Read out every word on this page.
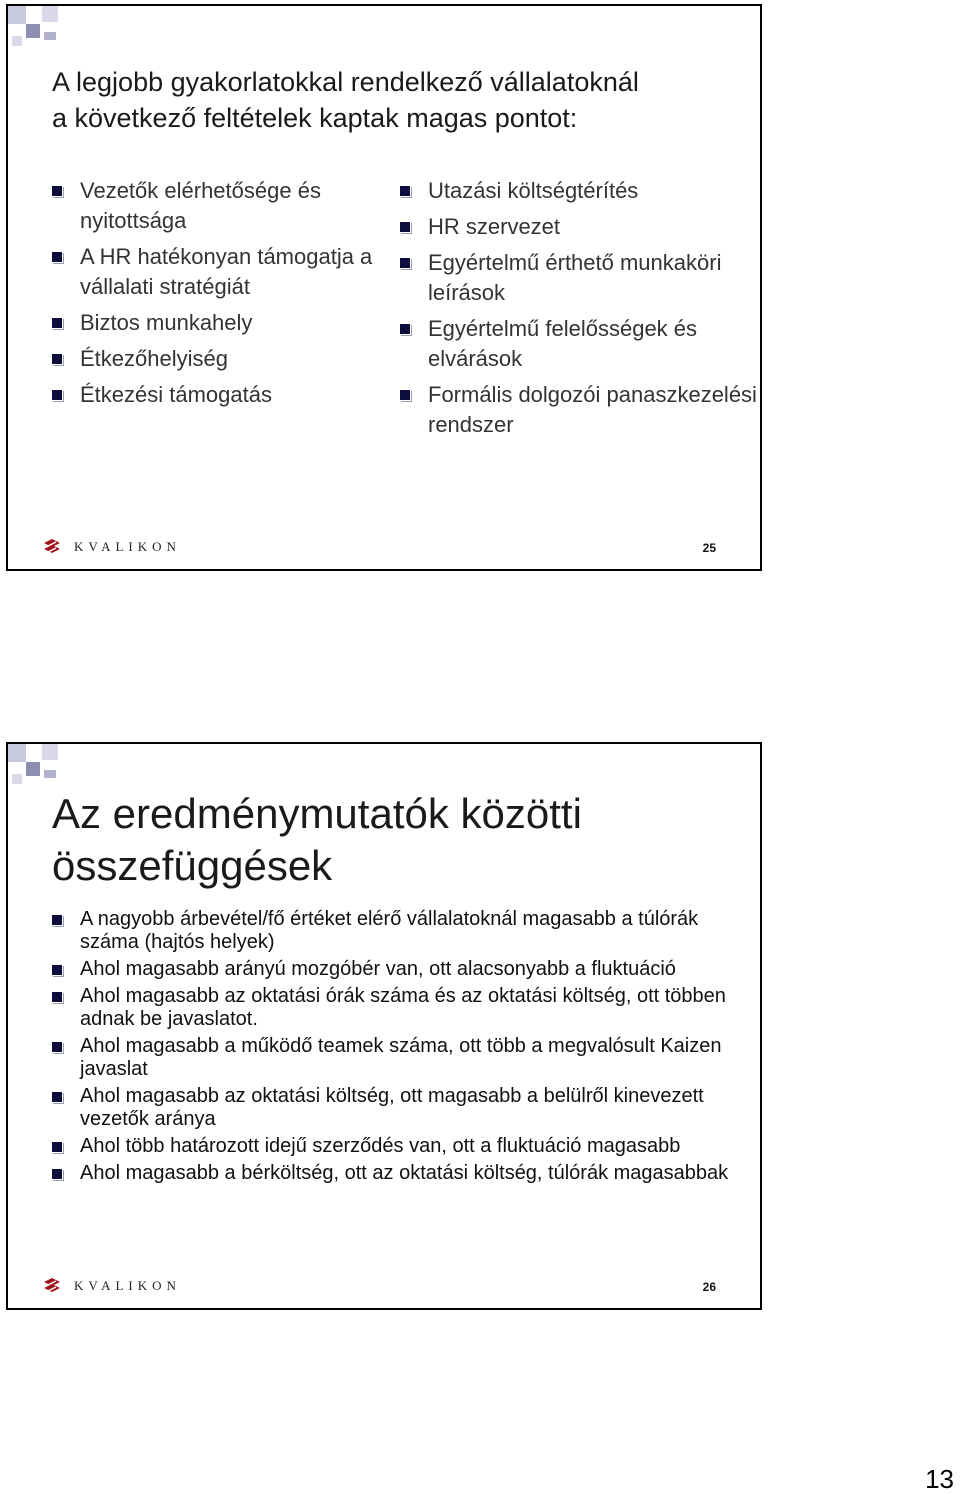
A legjobb gyakorlatokkal rendelkező vállalatoknál
a következő feltételek kaptak magas pontot:
Vezetők elérhetősége és nyitottsága
A HR hatékonyan támogatja a vállalati stratégiát
Biztos munkahely
Étkezőhelyiség
Étkezési támogatás
Utazási költségtérítés
HR szervezet
Egyértelmű érthető munkaköri leírások
Egyértelmű felelősségek és elvárások
Formális dolgozói panaszkezelési rendszer
KVALIKON	25
Az eredménymutatók közötti
összefüggések
A nagyobb árbevétel/fő értéket elérő vállalatoknál magasabb a túlórák száma (hajtós helyek)
Ahol magasabb arányú mozgóbér van, ott alacsonyabb a fluktuáció
Ahol magasabb az oktatási órák száma és az oktatási költség, ott többen adnak be javaslatot.
Ahol magasabb a működő teamek száma, ott több a megvalósult Kaizen javaslat
Ahol magasabb az oktatási költség, ott magasabb a belülről kinevezett vezetők aránya
Ahol több határozott idejű szerződés van, ott a fluktuáció magasabb
Ahol magasabb a bérköltség, ott az oktatási költség, túlórák magasabbak
KVALIKON	26
13
